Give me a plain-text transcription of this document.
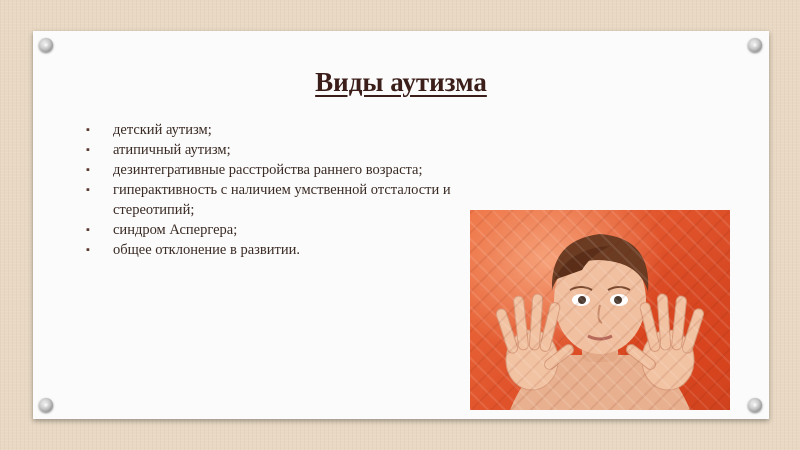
Виды аутизма
▪ детский аутизм;
▪ атипичный аутизм;
▪ дезинтегративные расстройства раннего возраста;
▪ гиперактивность с наличием умственной отсталости и стереотипий;
▪ синдром Аспергера;
▪ общее отклонение в развитии.
